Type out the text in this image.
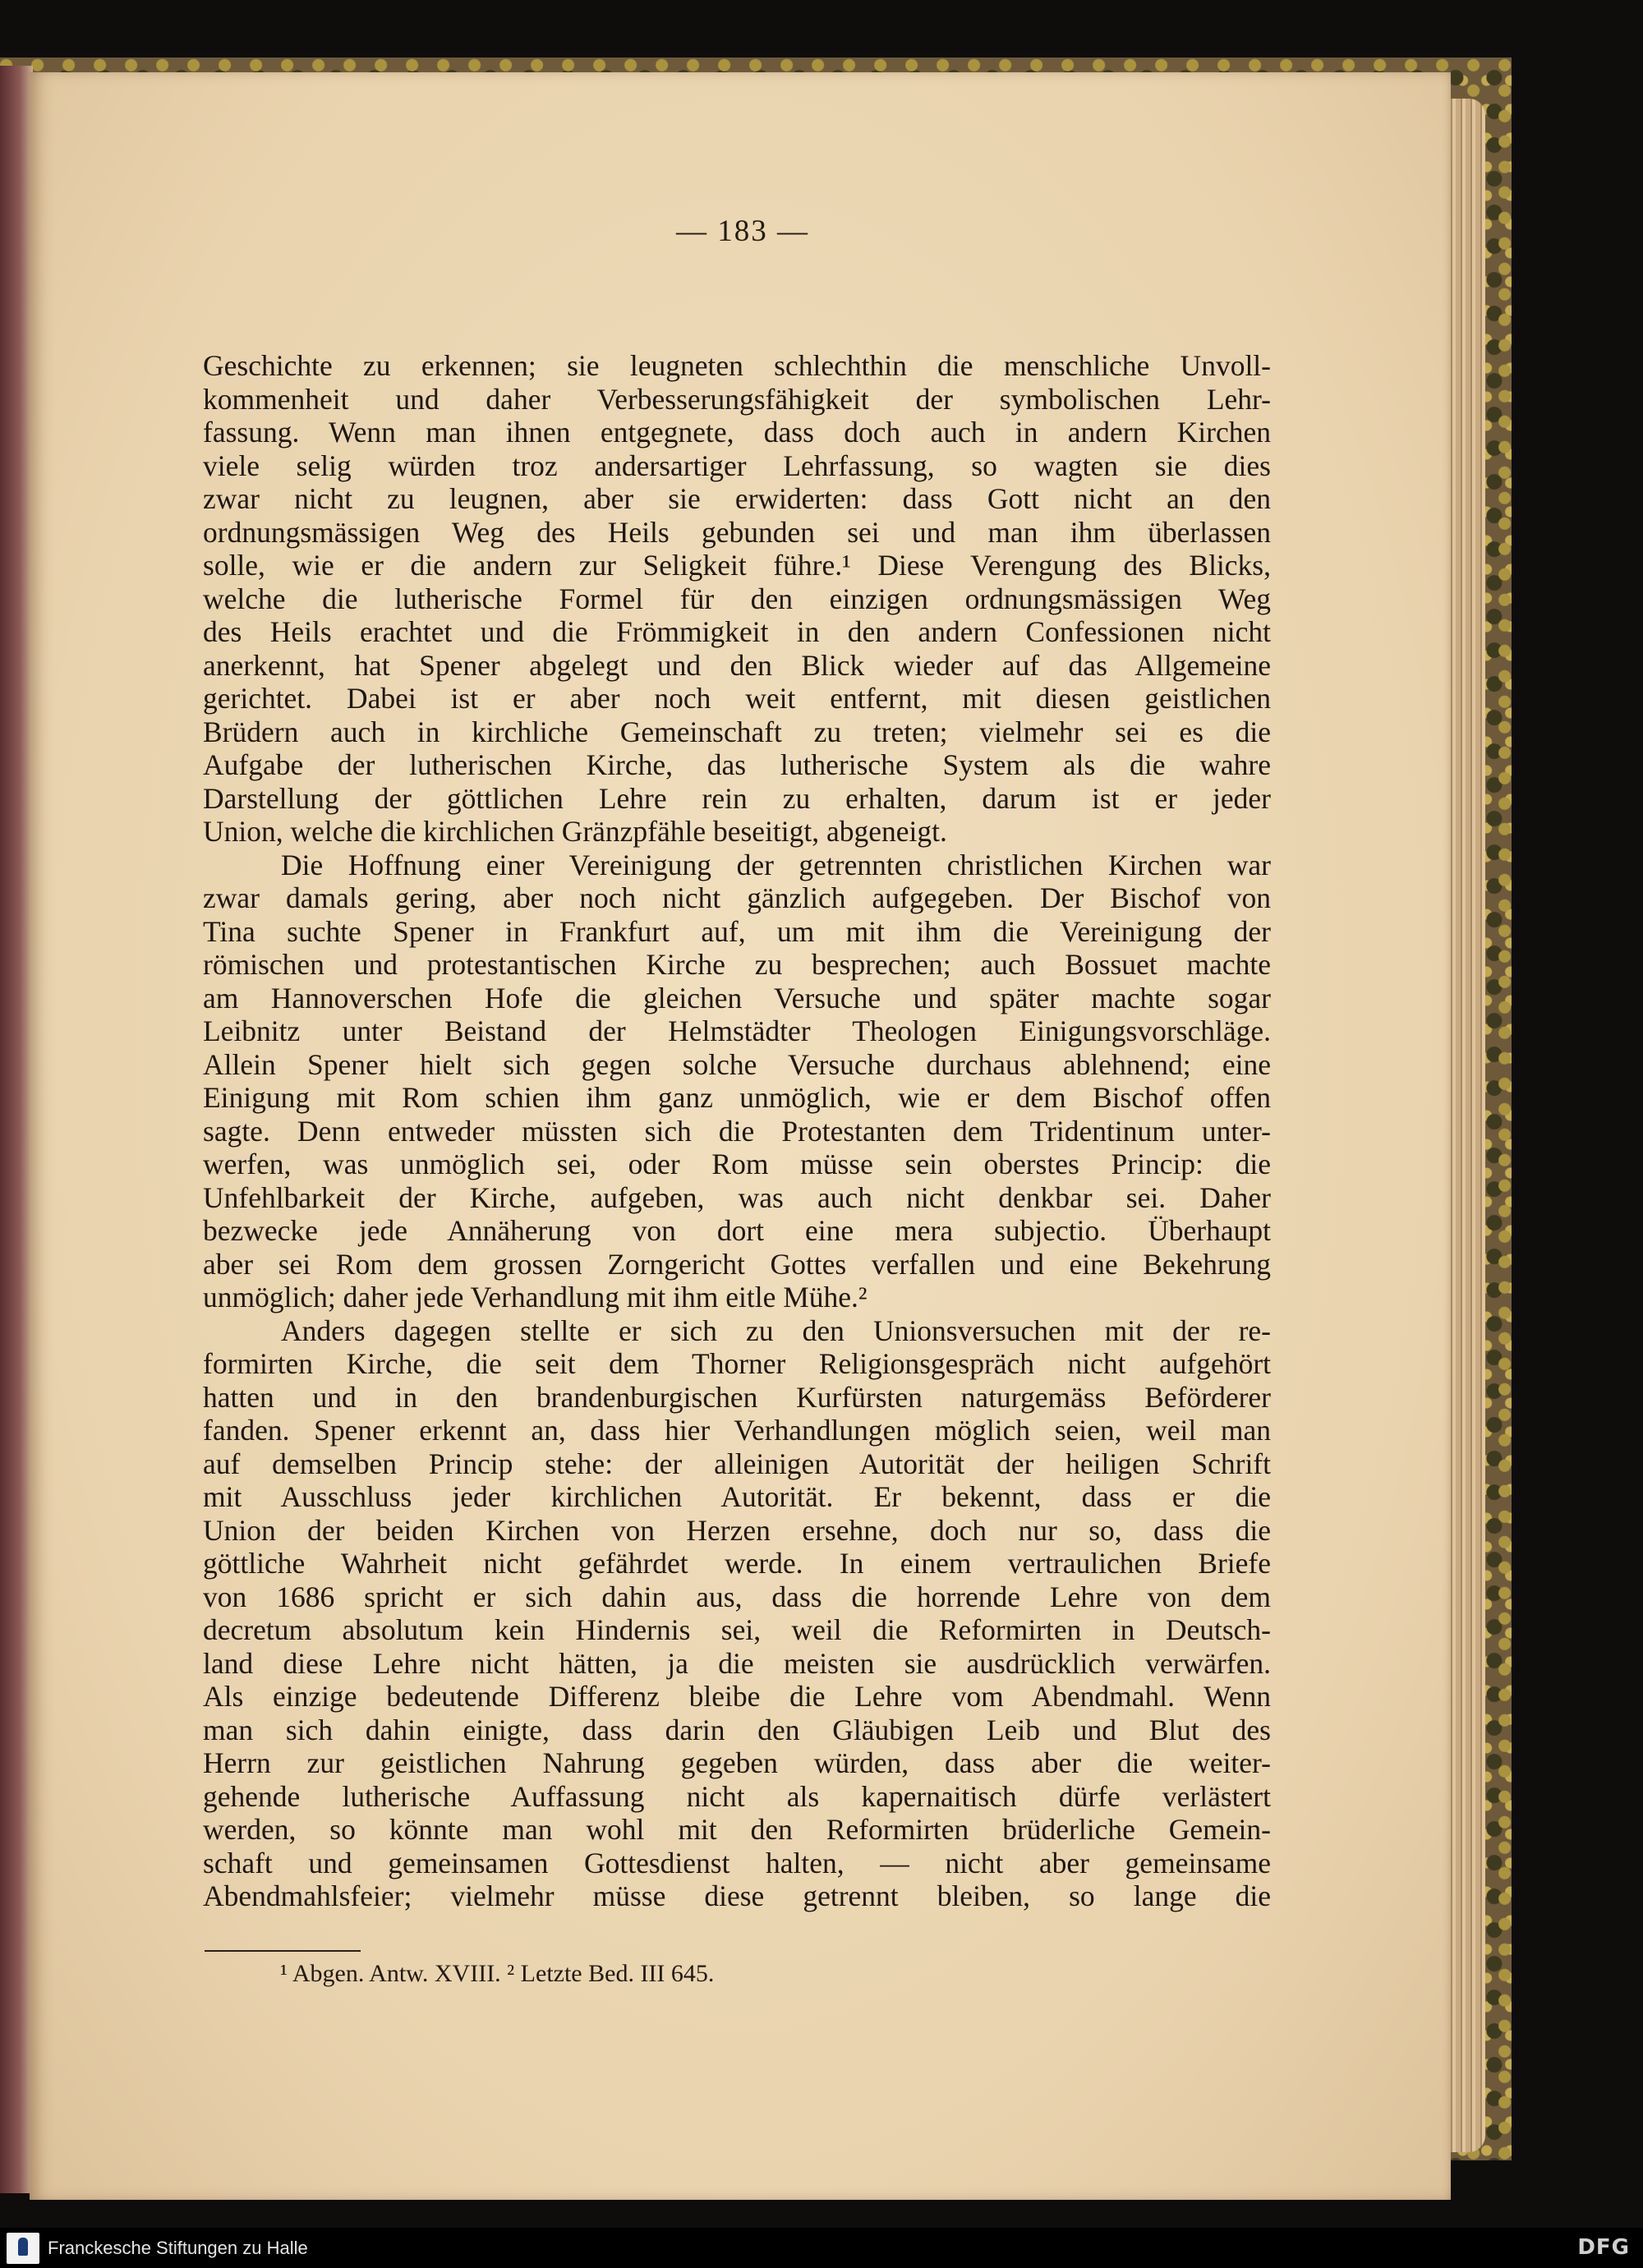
— 183 —
Geschichte zu erkennen; sie leugneten schlechthin die menschliche Unvoll-
kommenheit und daher Verbesserungsfähigkeit der symbolischen Lehr-
fassung. Wenn man ihnen entgegnete, dass doch auch in andern Kirchen
viele selig würden troz andersartiger Lehrfassung, so wagten sie dies
zwar nicht zu leugnen, aber sie erwiderten: dass Gott nicht an den
ordnungsmässigen Weg des Heils gebunden sei und man ihm überlassen
solle, wie er die andern zur Seligkeit führe.¹ Diese Verengung des Blicks,
welche die lutherische Formel für den einzigen ordnungsmässigen Weg
des Heils erachtet und die Frömmigkeit in den andern Confessionen nicht
anerkennt, hat Spener abgelegt und den Blick wieder auf das Allgemeine
gerichtet. Dabei ist er aber noch weit entfernt, mit diesen geistlichen
Brüdern auch in kirchliche Gemeinschaft zu treten; vielmehr sei es die
Aufgabe der lutherischen Kirche, das lutherische System als die wahre
Darstellung der göttlichen Lehre rein zu erhalten, darum ist er jeder
Union, welche die kirchlichen Gränzpfähle beseitigt, abgeneigt.
Die Hoffnung einer Vereinigung der getrennten christlichen Kirchen war
zwar damals gering, aber noch nicht gänzlich aufgegeben. Der Bischof von
Tina suchte Spener in Frankfurt auf, um mit ihm die Vereinigung der
römischen und protestantischen Kirche zu besprechen; auch Bossuet machte
am Hannoverschen Hofe die gleichen Versuche und später machte sogar
Leibnitz unter Beistand der Helmstädter Theologen Einigungsvorschläge.
Allein Spener hielt sich gegen solche Versuche durchaus ablehnend; eine
Einigung mit Rom schien ihm ganz unmöglich, wie er dem Bischof offen
sagte. Denn entweder müssten sich die Protestanten dem Tridentinum unter-
werfen, was unmöglich sei, oder Rom müsse sein oberstes Princip: die
Unfehlbarkeit der Kirche, aufgeben, was auch nicht denkbar sei. Daher
bezwecke jede Annäherung von dort eine mera subjectio. Überhaupt
aber sei Rom dem grossen Zorngericht Gottes verfallen und eine Bekehrung
unmöglich; daher jede Verhandlung mit ihm eitle Mühe.²
Anders dagegen stellte er sich zu den Unionsversuchen mit der re-
formirten Kirche, die seit dem Thorner Religionsgespräch nicht aufgehört
hatten und in den brandenburgischen Kurfürsten naturgemäss Beförderer
fanden. Spener erkennt an, dass hier Verhandlungen möglich seien, weil man
auf demselben Princip stehe: der alleinigen Autorität der heiligen Schrift
mit Ausschluss jeder kirchlichen Autorität. Er bekennt, dass er die
Union der beiden Kirchen von Herzen ersehne, doch nur so, dass die
göttliche Wahrheit nicht gefährdet werde. In einem vertraulichen Briefe
von 1686 spricht er sich dahin aus, dass die horrende Lehre von dem
decretum absolutum kein Hindernis sei, weil die Reformirten in Deutsch-
land diese Lehre nicht hätten, ja die meisten sie ausdrücklich verwärfen.
Als einzige bedeutende Differenz bleibe die Lehre vom Abendmahl. Wenn
man sich dahin einigte, dass darin den Gläubigen Leib und Blut des
Herrn zur geistlichen Nahrung gegeben würden, dass aber die weiter-
gehende lutherische Auffassung nicht als kapernaitisch dürfe verlästert
werden, so könnte man wohl mit den Reformirten brüderliche Gemein-
schaft und gemeinsamen Gottesdienst halten, — nicht aber gemeinsame
Abendmahlsfeier; vielmehr müsse diese getrennt bleiben, so lange die
¹ Abgen. Antw. XVIII. ² Letzte Bed. III 645.
Franckesche Stiftungen zu Halle	DFG
